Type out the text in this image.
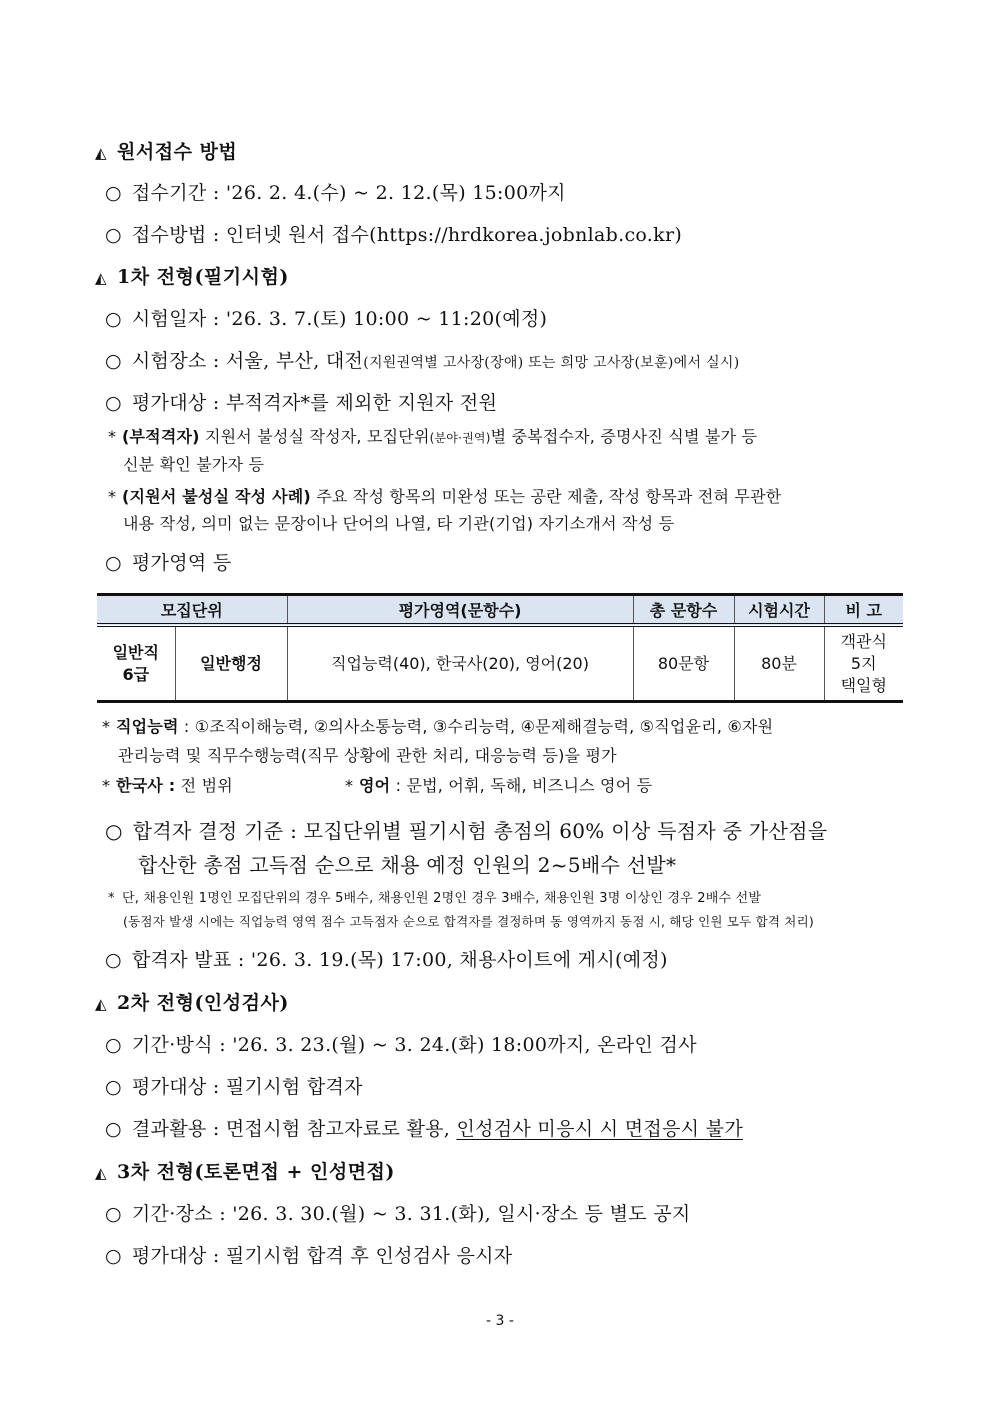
◭ 원서접수 방법
○ 접수기간 : '26. 2. 4.(수) ~ 2. 12.(목) 15:00까지
○ 접수방법 : 인터넷 원서 접수(https://hrdkorea.jobnlab.co.kr)
◭ 1차 전형(필기시험)
○ 시험일자 : '26. 3. 7.(토) 10:00 ~ 11:20(예정)
○ 시험장소 : 서울, 부산, 대전(지원권역별 고사장(장애) 또는 희망 고사장(보훈)에서 실시)
○ 평가대상 : 부적격자*를 제외한 지원자 전원
* (부적격자) 지원서 불성실 작성자, 모집단위(분야·권역)별 중복접수자, 증명사진 식별 불가 등
신분 확인 불가자 등
* (지원서 불성실 작성 사례) 주요 작성 항목의 미완성 또는 공란 제출, 작성 항목과 전혀 무관한
내용 작성, 의미 없는 문장이나 단어의 나열, 타 기관(기업) 자기소개서 작성 등
○ 평가영역 등
모집단위		평가영역(문항수)	총 문항수	시험시간	비 고
일반직
6급	일반행정	직업능력(40), 한국사(20), 영어(20)	80문항	80분	객관식
5지
택일형
* 직업능력 : ①조직이해능력, ②의사소통능력, ③수리능력, ④문제해결능력, ⑤직업윤리, ⑥자원
관리능력 및 직무수행능력(직무 상황에 관한 처리, 대응능력 등)을 평가
* 한국사 : 전 범위	* 영어 : 문법, 어휘, 독해, 비즈니스 영어 등
○ 합격자 결정 기준 : 모집단위별 필기시험 총점의 60% 이상 득점자 중 가산점을
합산한 총점 고득점 순으로 채용 예정 인원의 2~5배수 선발*
* 단, 채용인원 1명인 모집단위의 경우 5배수, 채용인원 2명인 경우 3배수, 채용인원 3명 이상인 경우 2배수 선발
(동점자 발생 시에는 직업능력 영역 점수 고득점자 순으로 합격자를 결정하며 동 영역까지 동점 시, 해당 인원 모두 합격 처리)
○ 합격자 발표 : '26. 3. 19.(목) 17:00, 채용사이트에 게시(예정)
◭ 2차 전형(인성검사)
○ 기간·방식 : '26. 3. 23.(월) ~ 3. 24.(화) 18:00까지, 온라인 검사
○ 평가대상 : 필기시험 합격자
○ 결과활용 : 면접시험 참고자료로 활용, 인성검사 미응시 시 면접응시 불가
◭ 3차 전형(토론면접 + 인성면접)
○ 기간·장소 : '26. 3. 30.(월) ~ 3. 31.(화), 일시·장소 등 별도 공지
○ 평가대상 : 필기시험 합격 후 인성검사 응시자
- 3 -
